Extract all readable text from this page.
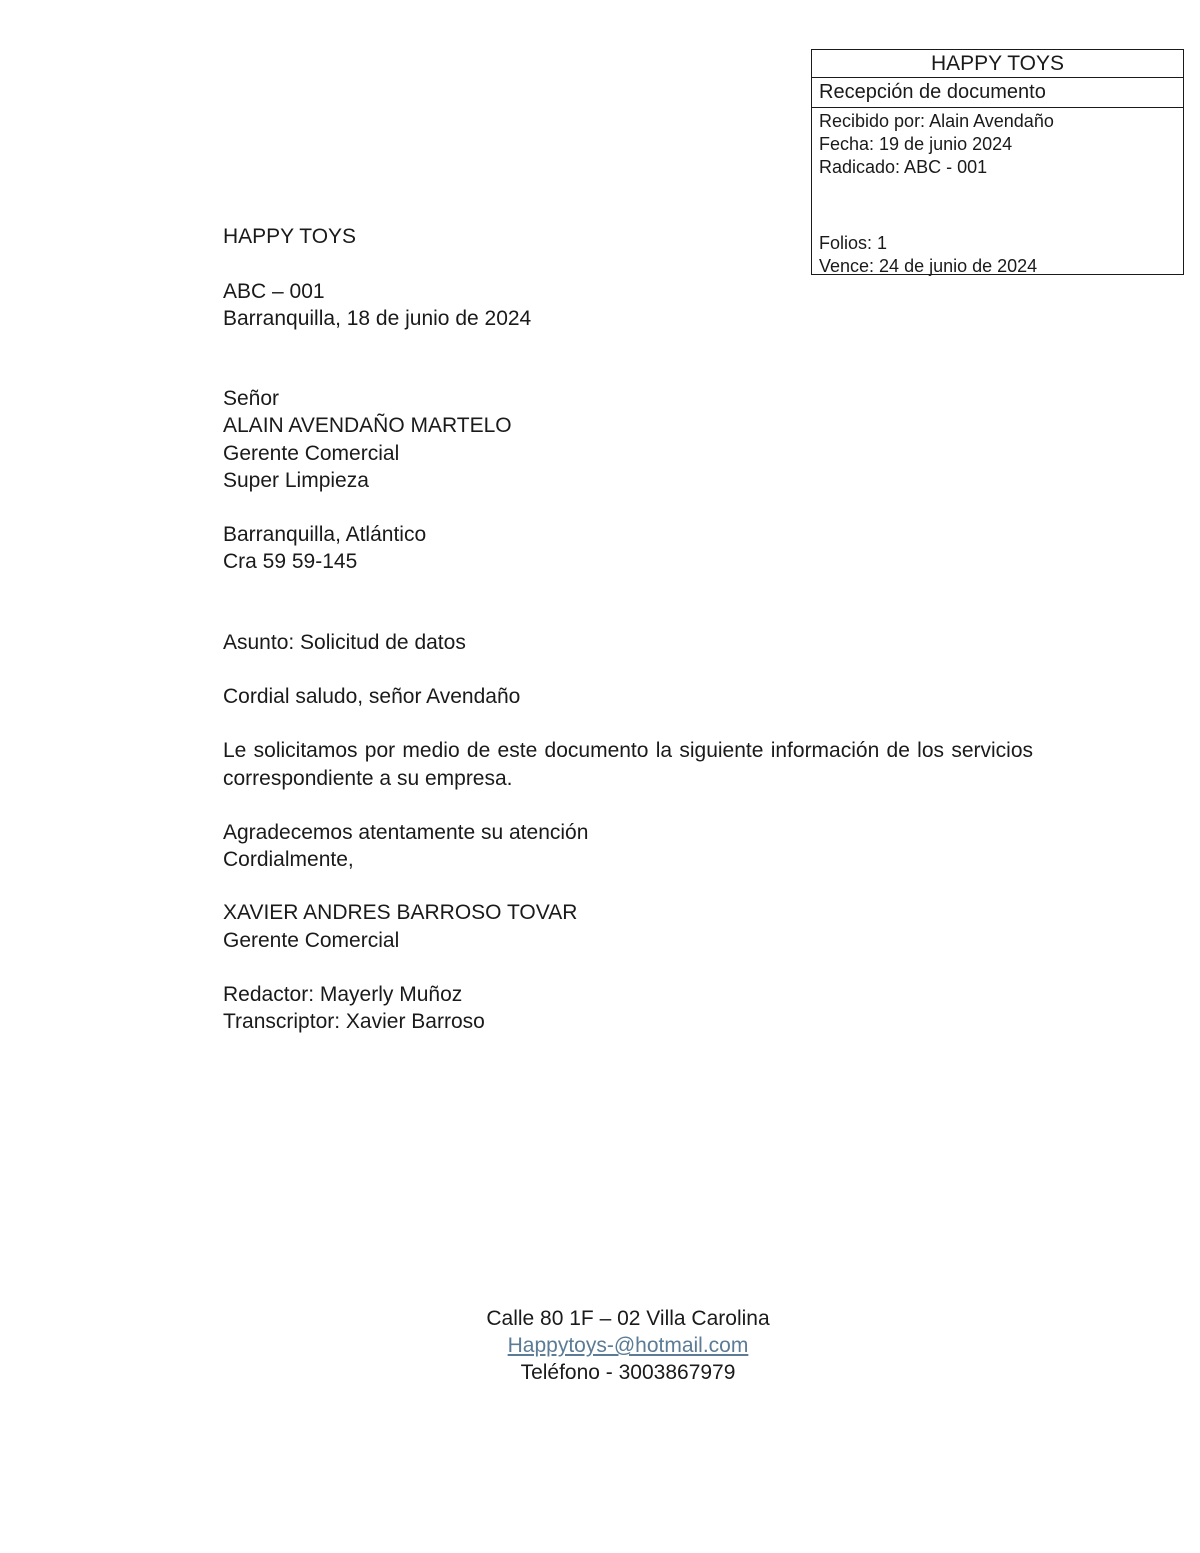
HAPPY TOYS
Recepción de documento
Recibido por: Alain Avendaño
Fecha: 19 de junio 2024
Radicado: ABC - 001
Folios: 1
Vence: 24 de junio de 2024
HAPPY TOYS
ABC – 001
Barranquilla, 18 de junio de 2024
Señor
ALAIN AVENDAÑO MARTELO
Gerente Comercial
Super Limpieza
Barranquilla, Atlántico
Cra 59 59-145
Asunto: Solicitud de datos
Cordial saludo, señor Avendaño
Le solicitamos por medio de este documento la siguiente información de los servicios correspondiente a su empresa.
Agradecemos atentamente su atención
Cordialmente,
XAVIER ANDRES BARROSO TOVAR
Gerente Comercial
Redactor: Mayerly Muñoz
Transcriptor: Xavier Barroso
Calle 80 1F – 02 Villa Carolina
Happytoys-@hotmail.com
Teléfono - 3003867979
